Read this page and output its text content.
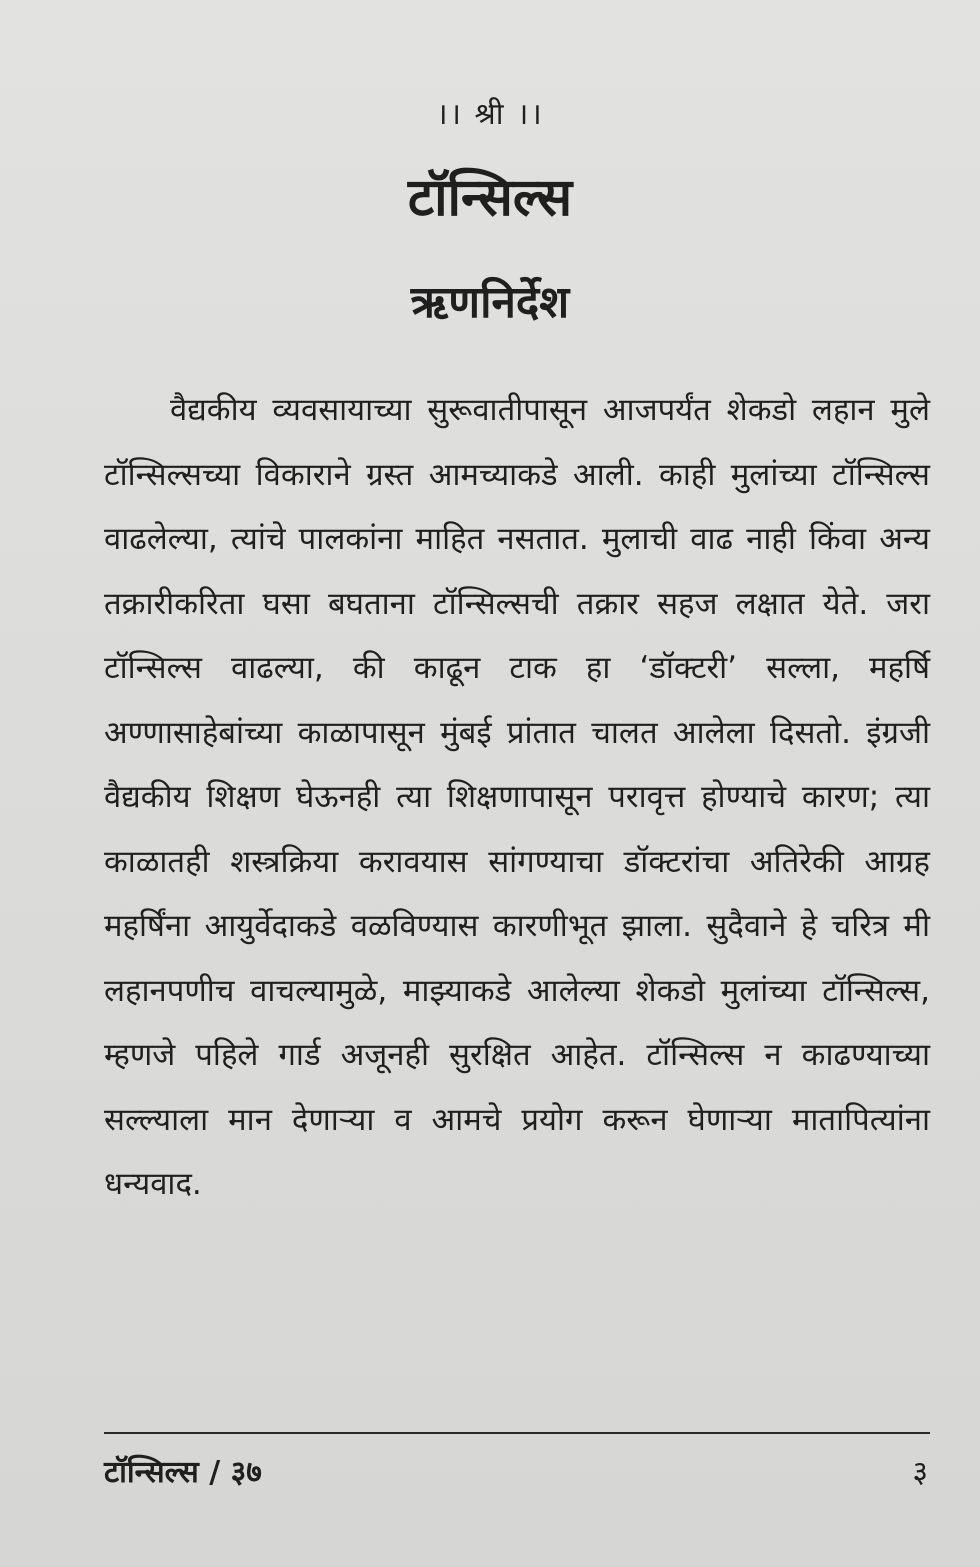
।। श्री ।।
टॉन्सिल्स
ऋणनिर्देश

वैद्यकीय व्यवसायाच्या सुरूवातीपासून आजपर्यंत शेकडो लहान मुले टॉन्सिल्सच्या विकाराने ग्रस्त आमच्याकडे आली. काही मुलांच्या टॉन्सिल्स वाढलेल्या, त्यांचे पालकांना माहित नसतात. मुलाची वाढ नाही किंवा अन्य तक्रारीकरिता घसा बघताना टॉन्सिल्सची तक्रार सहज लक्षात येते. जरा टॉन्सिल्स वाढल्या, की काढून टाक हा ‘डॉक्टरी’ सल्ला, महर्षि अण्णासाहेबांच्या काळापासून मुंबई प्रांतात चालत आलेला दिसतो. इंग्रजी वैद्यकीय शिक्षण घेऊनही त्या शिक्षणापासून परावृत्त होण्याचे कारण; त्या काळातही शस्त्रक्रिया करावयास सांगण्याचा डॉक्टरांचा अतिरेकी आग्रह महर्षिंना आयुर्वेदाकडे वळविण्यास कारणीभूत झाला. सुदैवाने हे चरित्र मी लहानपणीच वाचल्यामुळे, माझ्याकडे आलेल्या शेकडो मुलांच्या टॉन्सिल्स, म्हणजे पहिले गार्ड अजूनही सुरक्षित आहेत. टॉन्सिल्स न काढण्याच्या सल्ल्याला मान देणाऱ्या व आमचे प्रयोग करून घेणाऱ्या मातापित्यांना धन्यवाद.

टॉन्सिल्स / ३७	३
